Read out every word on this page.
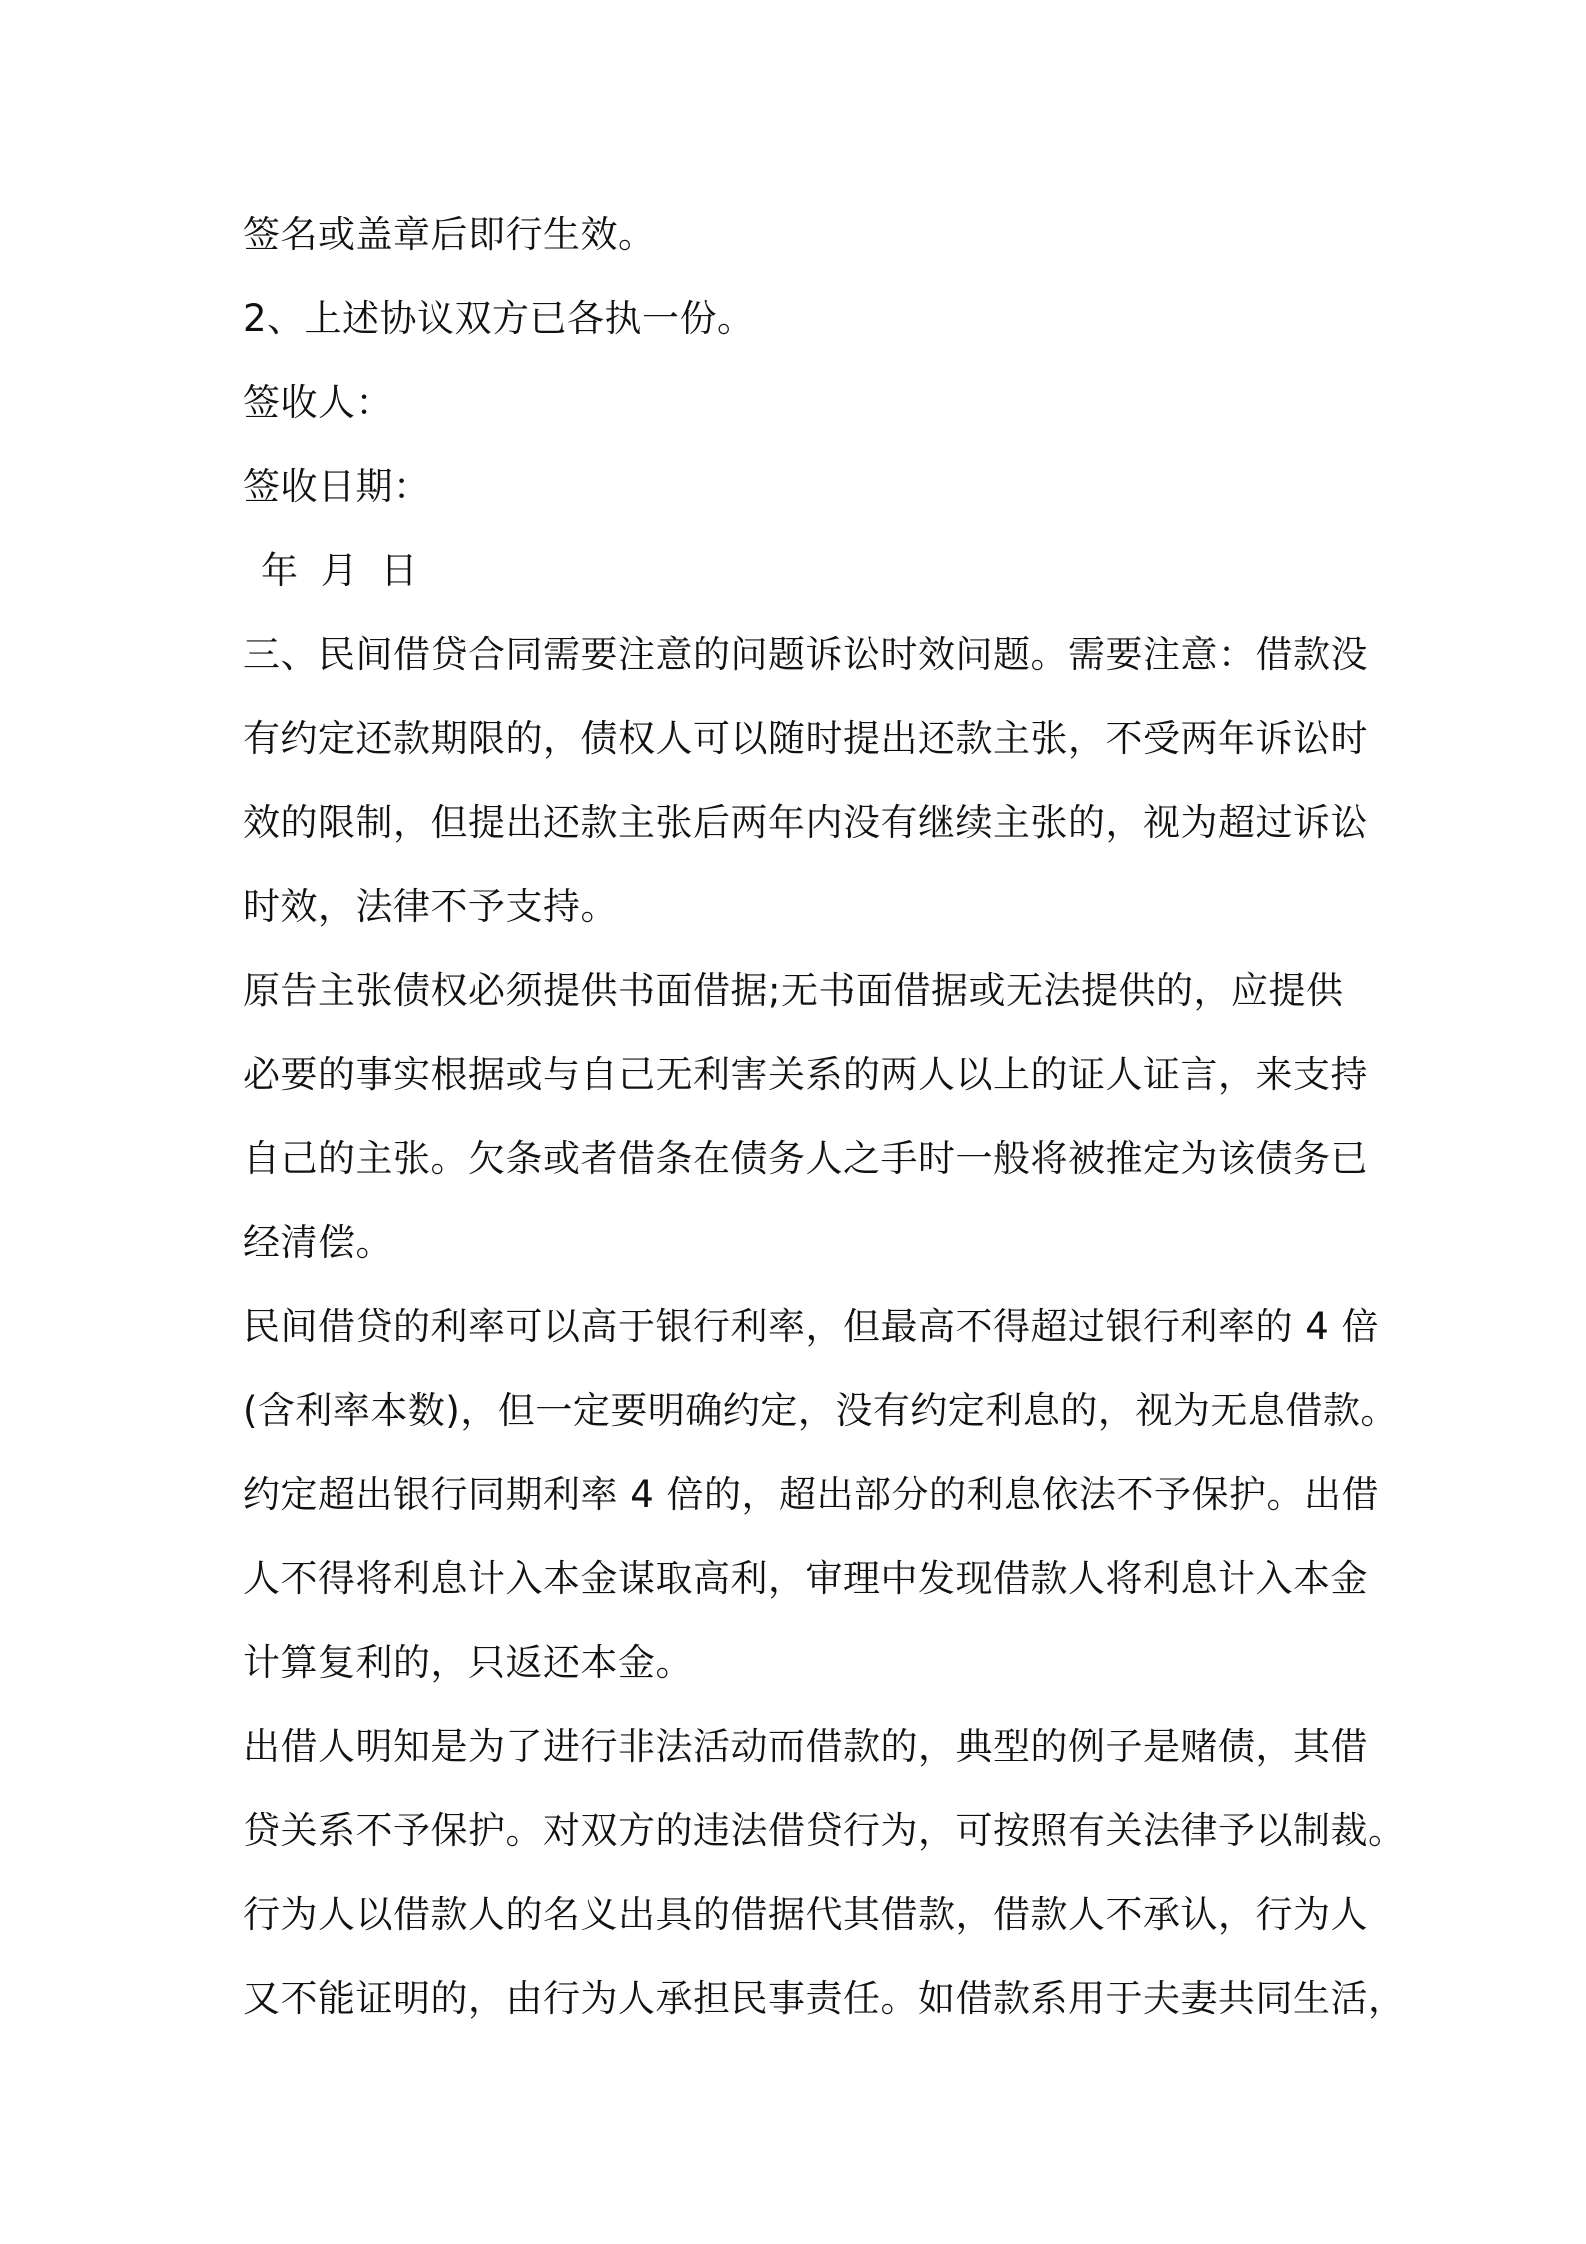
签名或盖章后即行生效。
2、上述协议双方已各执一份。
签收人：
签收日期：
年 月 日
三、民间借贷合同需要注意的问题诉讼时效问题。需要注意：借款没
有约定还款期限的，债权人可以随时提出还款主张，不受两年诉讼时
效的限制，但提出还款主张后两年内没有继续主张的，视为超过诉讼
时效，法律不予支持。
原告主张债权必须提供书面借据;无书面借据或无法提供的，应提供
必要的事实根据或与自己无利害关系的两人以上的证人证言，来支持
自己的主张。欠条或者借条在债务人之手时一般将被推定为该债务已
经清偿。
民间借贷的利率可以高于银行利率，但最高不得超过银行利率的 4 倍
(含利率本数)，但一定要明确约定，没有约定利息的，视为无息借款。
约定超出银行同期利率 4 倍的，超出部分的利息依法不予保护。出借
人不得将利息计入本金谋取高利，审理中发现借款人将利息计入本金
计算复利的，只返还本金。
出借人明知是为了进行非法活动而借款的，典型的例子是赌债，其借
贷关系不予保护。对双方的违法借贷行为，可按照有关法律予以制裁。
行为人以借款人的名义出具的借据代其借款，借款人不承认，行为人
又不能证明的，由行为人承担民事责任。如借款系用于夫妻共同生活，
